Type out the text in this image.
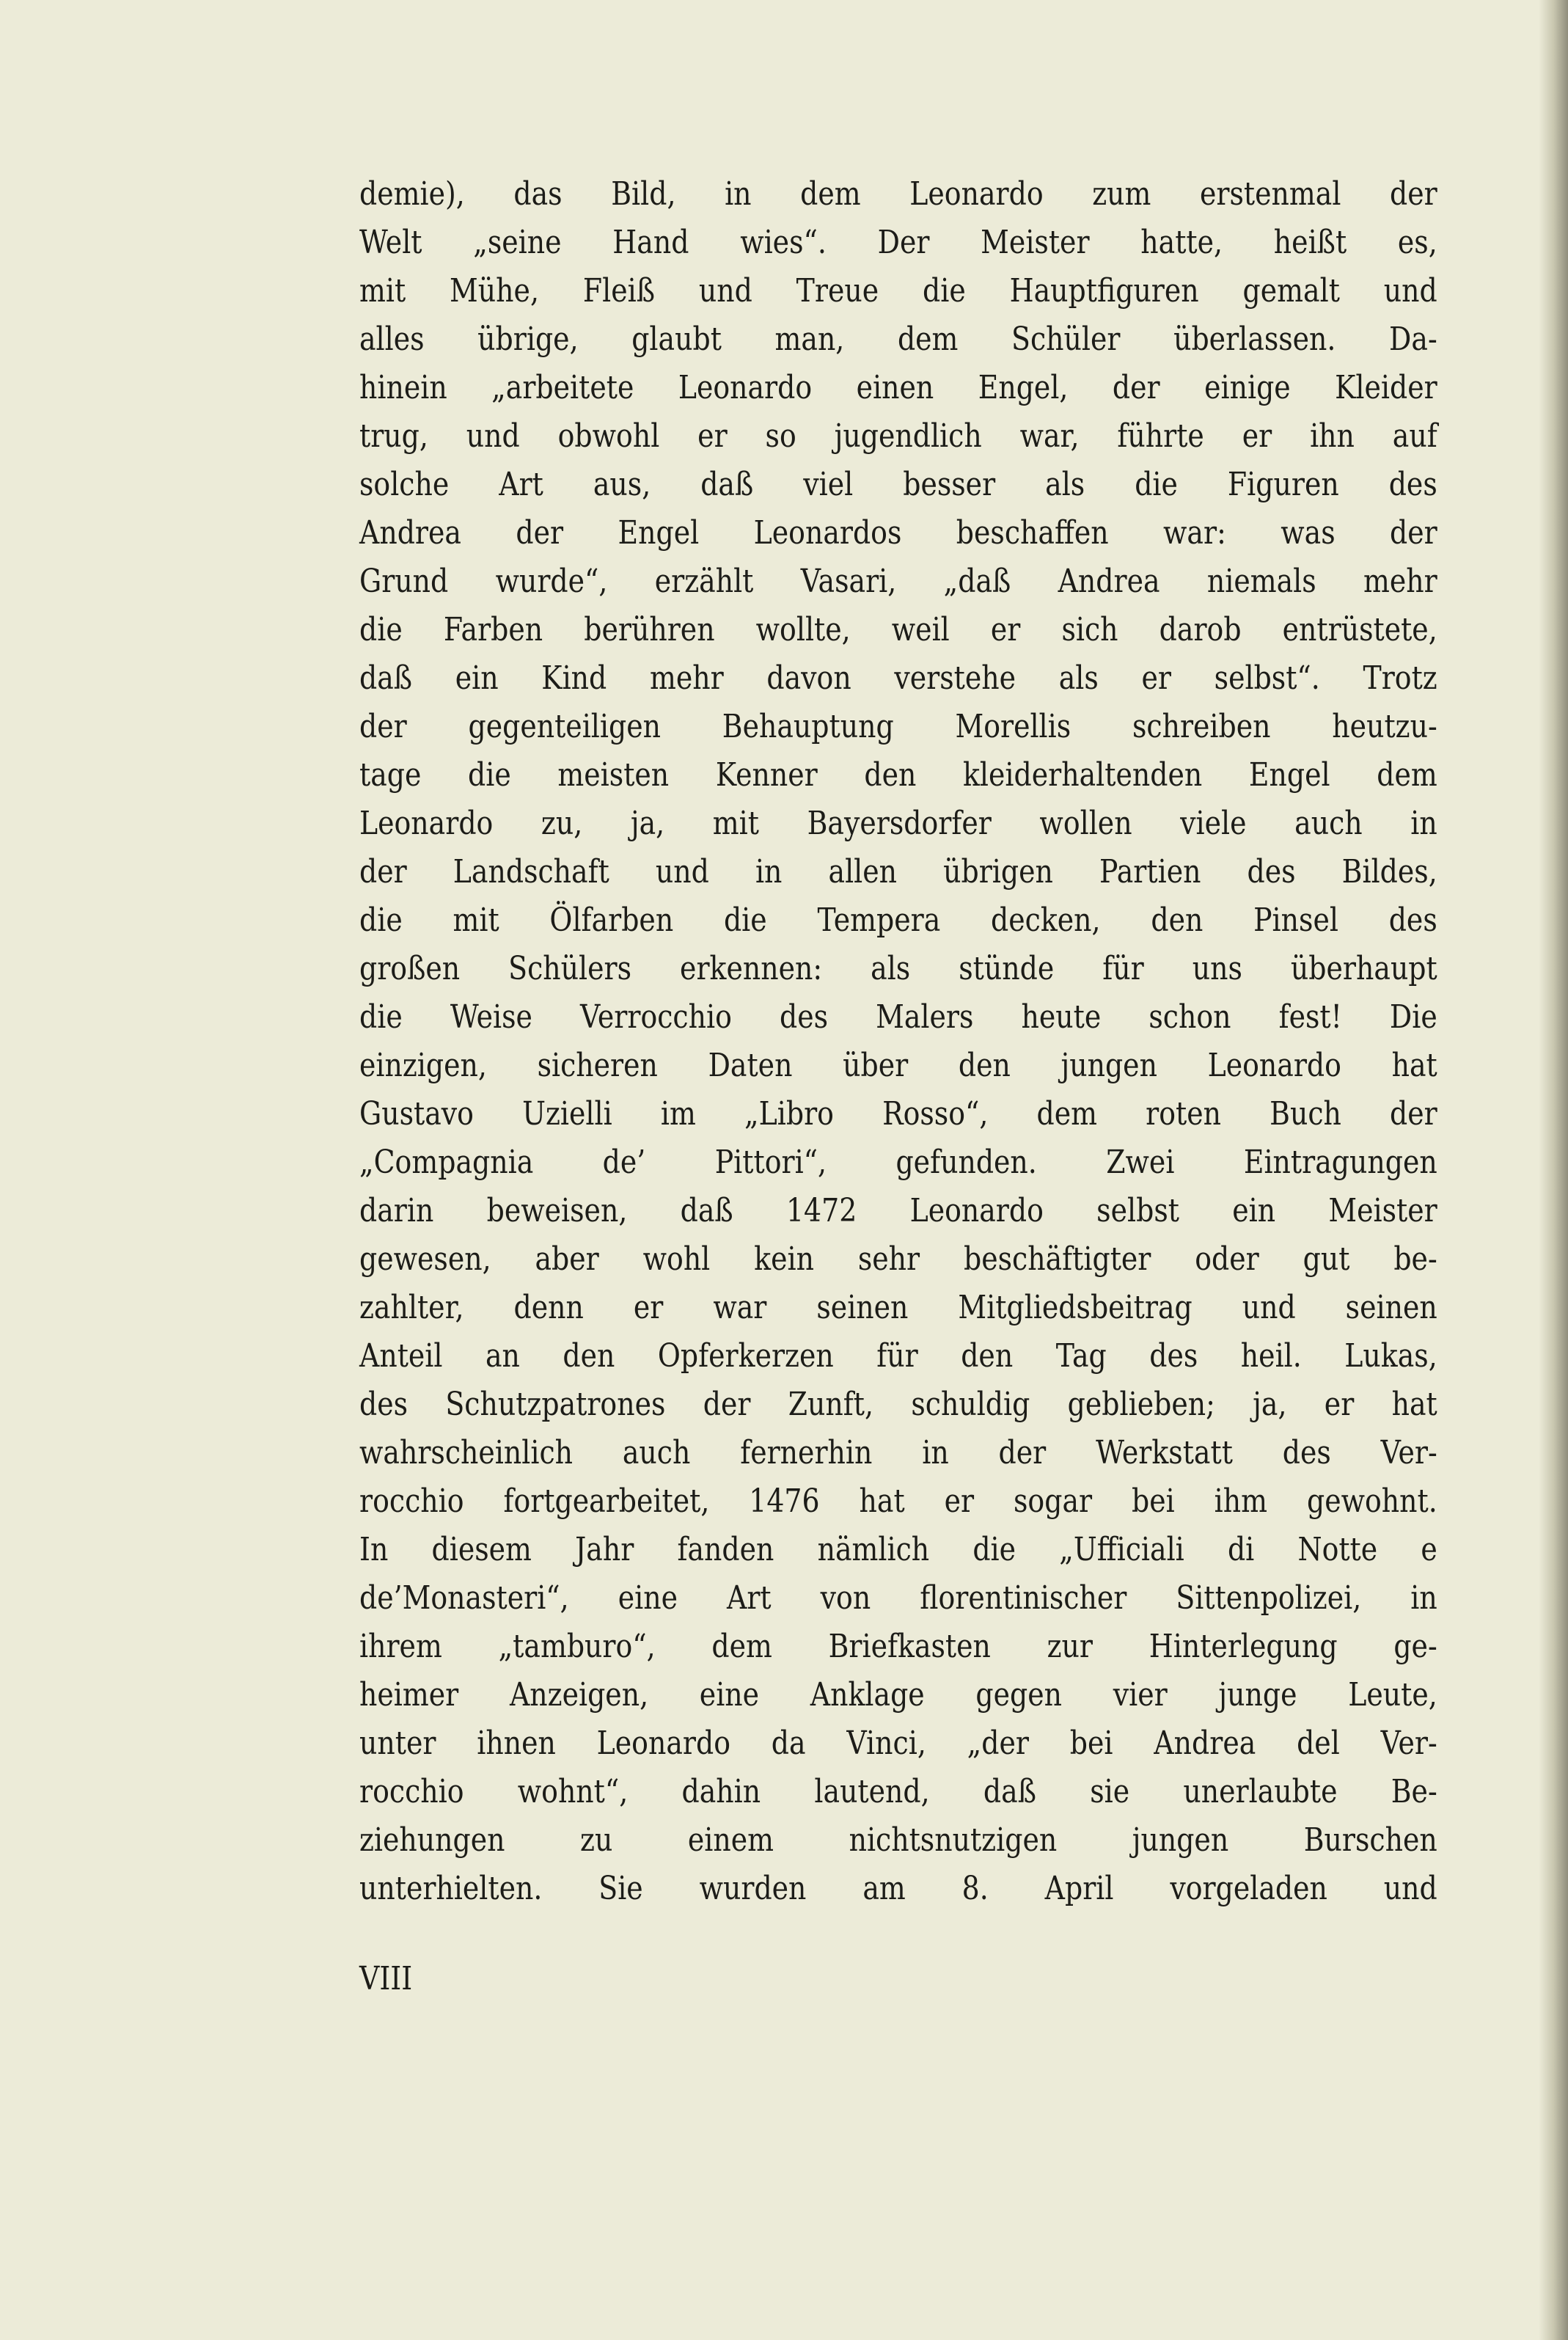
demie), das Bild, in dem Leonardo zum erstenmal der
Welt „seine Hand wies“. Der Meister hatte, heißt es,
mit Mühe, Fleiß und Treue die Hauptfiguren gemalt und
alles übrige, glaubt man, dem Schüler überlassen. Da-
hinein „arbeitete Leonardo einen Engel, der einige Kleider
trug, und obwohl er so jugendlich war, führte er ihn auf
solche Art aus, daß viel besser als die Figuren des
Andrea der Engel Leonardos beschaffen war: was der
Grund wurde“, erzählt Vasari, „daß Andrea niemals mehr
die Farben berühren wollte, weil er sich darob entrüstete,
daß ein Kind mehr davon verstehe als er selbst“. Trotz
der gegenteiligen Behauptung Morellis schreiben heutzu-
tage die meisten Kenner den kleiderhaltenden Engel dem
Leonardo zu, ja, mit Bayersdorfer wollen viele auch in
der Landschaft und in allen übrigen Partien des Bildes,
die mit Ölfarben die Tempera decken, den Pinsel des
großen Schülers erkennen: als stünde für uns überhaupt
die Weise Verrocchio des Malers heute schon fest! Die
einzigen, sicheren Daten über den jungen Leonardo hat
Gustavo Uzielli im „Libro Rosso“, dem roten Buch der
„Compagnia de’ Pittori“, gefunden. Zwei Eintragungen
darin beweisen, daß 1472 Leonardo selbst ein Meister
gewesen, aber wohl kein sehr beschäftigter oder gut be-
zahlter, denn er war seinen Mitgliedsbeitrag und seinen
Anteil an den Opferkerzen für den Tag des heil. Lukas,
des Schutzpatrones der Zunft, schuldig geblieben; ja, er hat
wahrscheinlich auch fernerhin in der Werkstatt des Ver-
rocchio fortgearbeitet, 1476 hat er sogar bei ihm gewohnt.
In diesem Jahr fanden nämlich die „Ufficiali di Notte e
de’Monasteri“, eine Art von florentinischer Sittenpolizei, in
ihrem „tamburo“, dem Briefkasten zur Hinterlegung ge-
heimer Anzeigen, eine Anklage gegen vier junge Leute,
unter ihnen Leonardo da Vinci, „der bei Andrea del Ver-
rocchio wohnt“, dahin lautend, daß sie unerlaubte Be-
ziehungen zu einem nichtsnutzigen jungen Burschen
unterhielten. Sie wurden am 8. April vorgeladen und
VIII
